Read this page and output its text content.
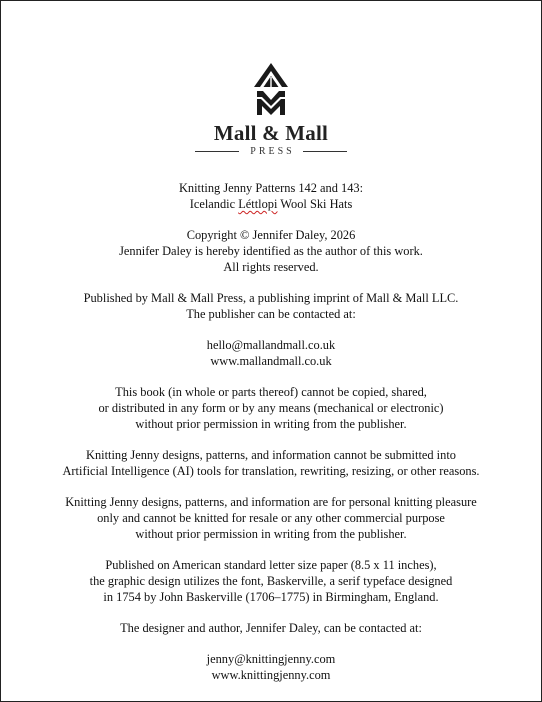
Mall & Mall
PRESS
Knitting Jenny Patterns 142 and 143:
Icelandic Léttlopi Wool Ski Hats
Copyright © Jennifer Daley, 2026
Jennifer Daley is hereby identified as the author of this work.
All rights reserved.
Published by Mall & Mall Press, a publishing imprint of Mall & Mall LLC.
The publisher can be contacted at:
hello@mallandmall.co.uk
www.mallandmall.co.uk
This book (in whole or parts thereof) cannot be copied, shared,
or distributed in any form or by any means (mechanical or electronic)
without prior permission in writing from the publisher.
Knitting Jenny designs, patterns, and information cannot be submitted into
Artificial Intelligence (AI) tools for translation, rewriting, resizing, or other reasons.
Knitting Jenny designs, patterns, and information are for personal knitting pleasure
only and cannot be knitted for resale or any other commercial purpose
without prior permission in writing from the publisher.
Published on American standard letter size paper (8.5 x 11 inches),
the graphic design utilizes the font, Baskerville, a serif typeface designed
in 1754 by John Baskerville (1706–1775) in Birmingham, England.
The designer and author, Jennifer Daley, can be contacted at:
jenny@knittingjenny.com
www.knittingjenny.com
